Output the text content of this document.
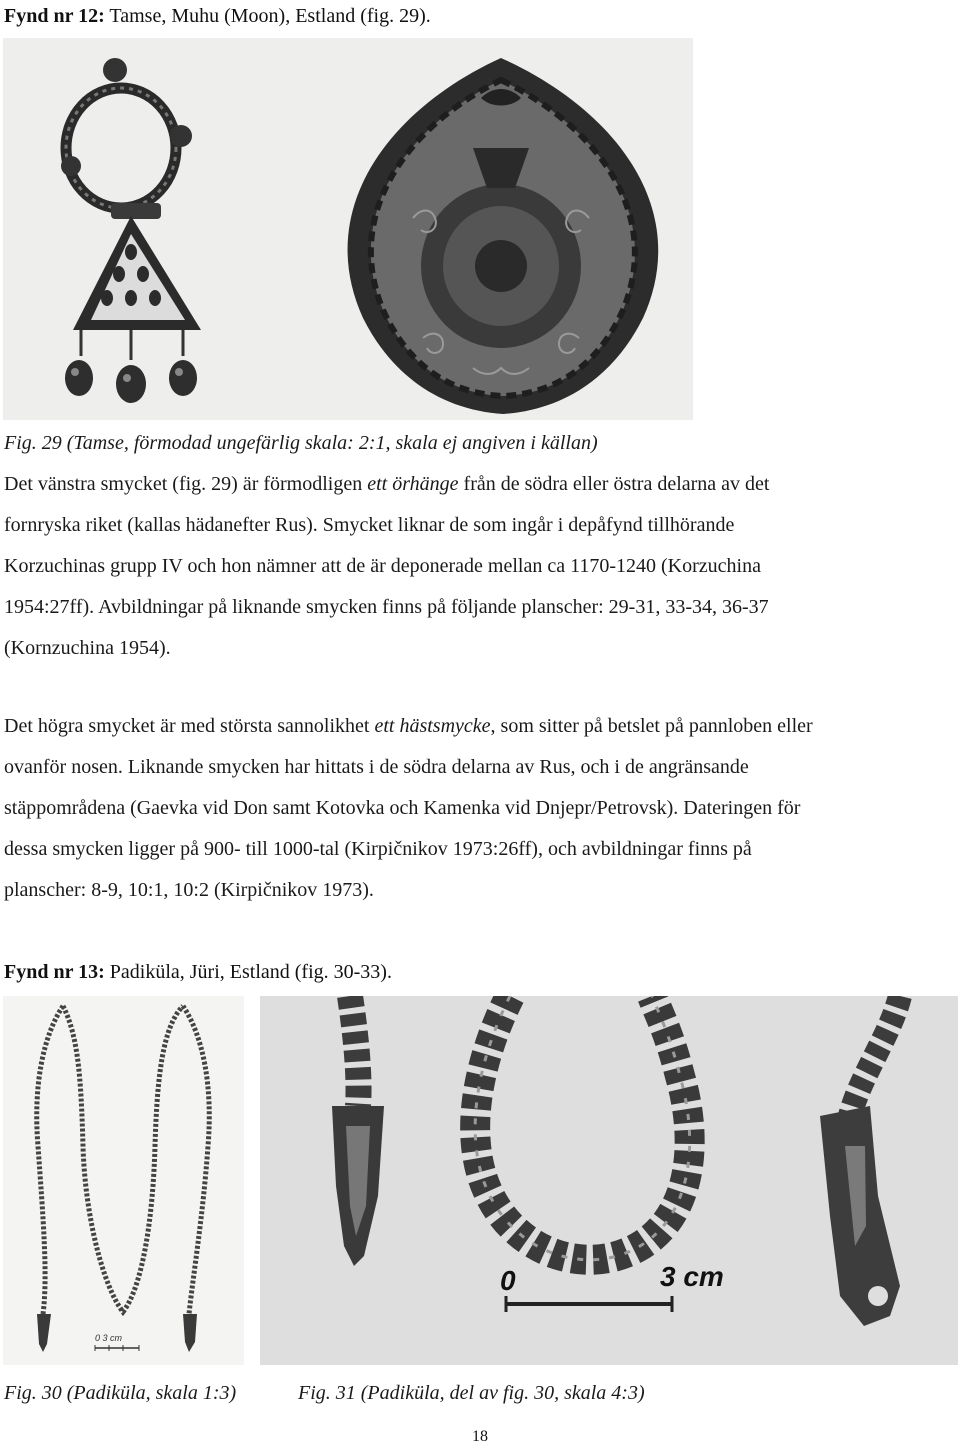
Fynd nr 12: Tamse, Muhu (Moon), Estland (fig. 29).
Fig. 29 (Tamse, förmodad ungefärlig skala: 2:1, skala ej angiven i källan)
Det vänstra smycket (fig. 29) är förmodligen ett örhänge från de södra eller östra delarna av det
fornryska riket (kallas hädanefter Rus). Smycket liknar de som ingår i depåfynd tillhörande
Korzuchinas grupp IV och hon nämner att de är deponerade mellan ca 1170-1240 (Korzuchina
1954:27ff). Avbildningar på liknande smycken finns på följande planscher: 29-31, 33-34, 36-37
(Kornzuchina 1954).
Det högra smycket är med största sannolikhet ett hästsmycke, som sitter på betslet på pannloben eller
ovanför nosen. Liknande smycken har hittats i de södra delarna av Rus, och i de angränsande
stäppområdena (Gaevka vid Don samt Kotovka och Kamenka vid Dnjepr/Petrovsk). Dateringen för
dessa smycken ligger på 900- till 1000-tal (Kirpičnikov 1973:26ff), och avbildningar finns på
planscher: 8-9, 10:1, 10:2 (Kirpičnikov 1973).
Fynd nr 13: Padiküla, Jüri, Estland (fig. 30-33).
0 3 cm
0	3 cm
Fig. 30 (Padiküla, skala 1:3)	Fig. 31 (Padiküla, del av fig. 30, skala 4:3)
18
